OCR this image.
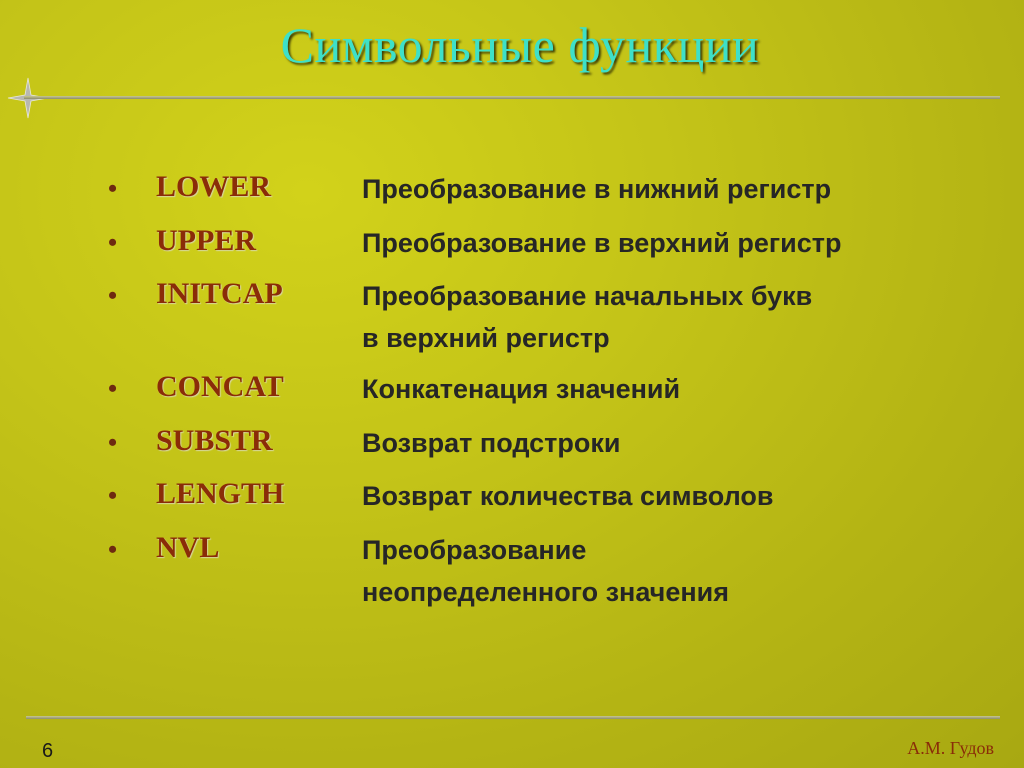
Символьные функции
• LOWER	Преобразование в нижний регистр
• UPPER	Преобразование в верхний регистр
• INITCAP	Преобразование начальных букв
в верхний регистр
• CONCAT	Конкатенация значений
• SUBSTR	Возврат подстроки
• LENGTH	Возврат количества символов
• NVL	Преобразование
неопределенного значения
6	А.М. Гудов
